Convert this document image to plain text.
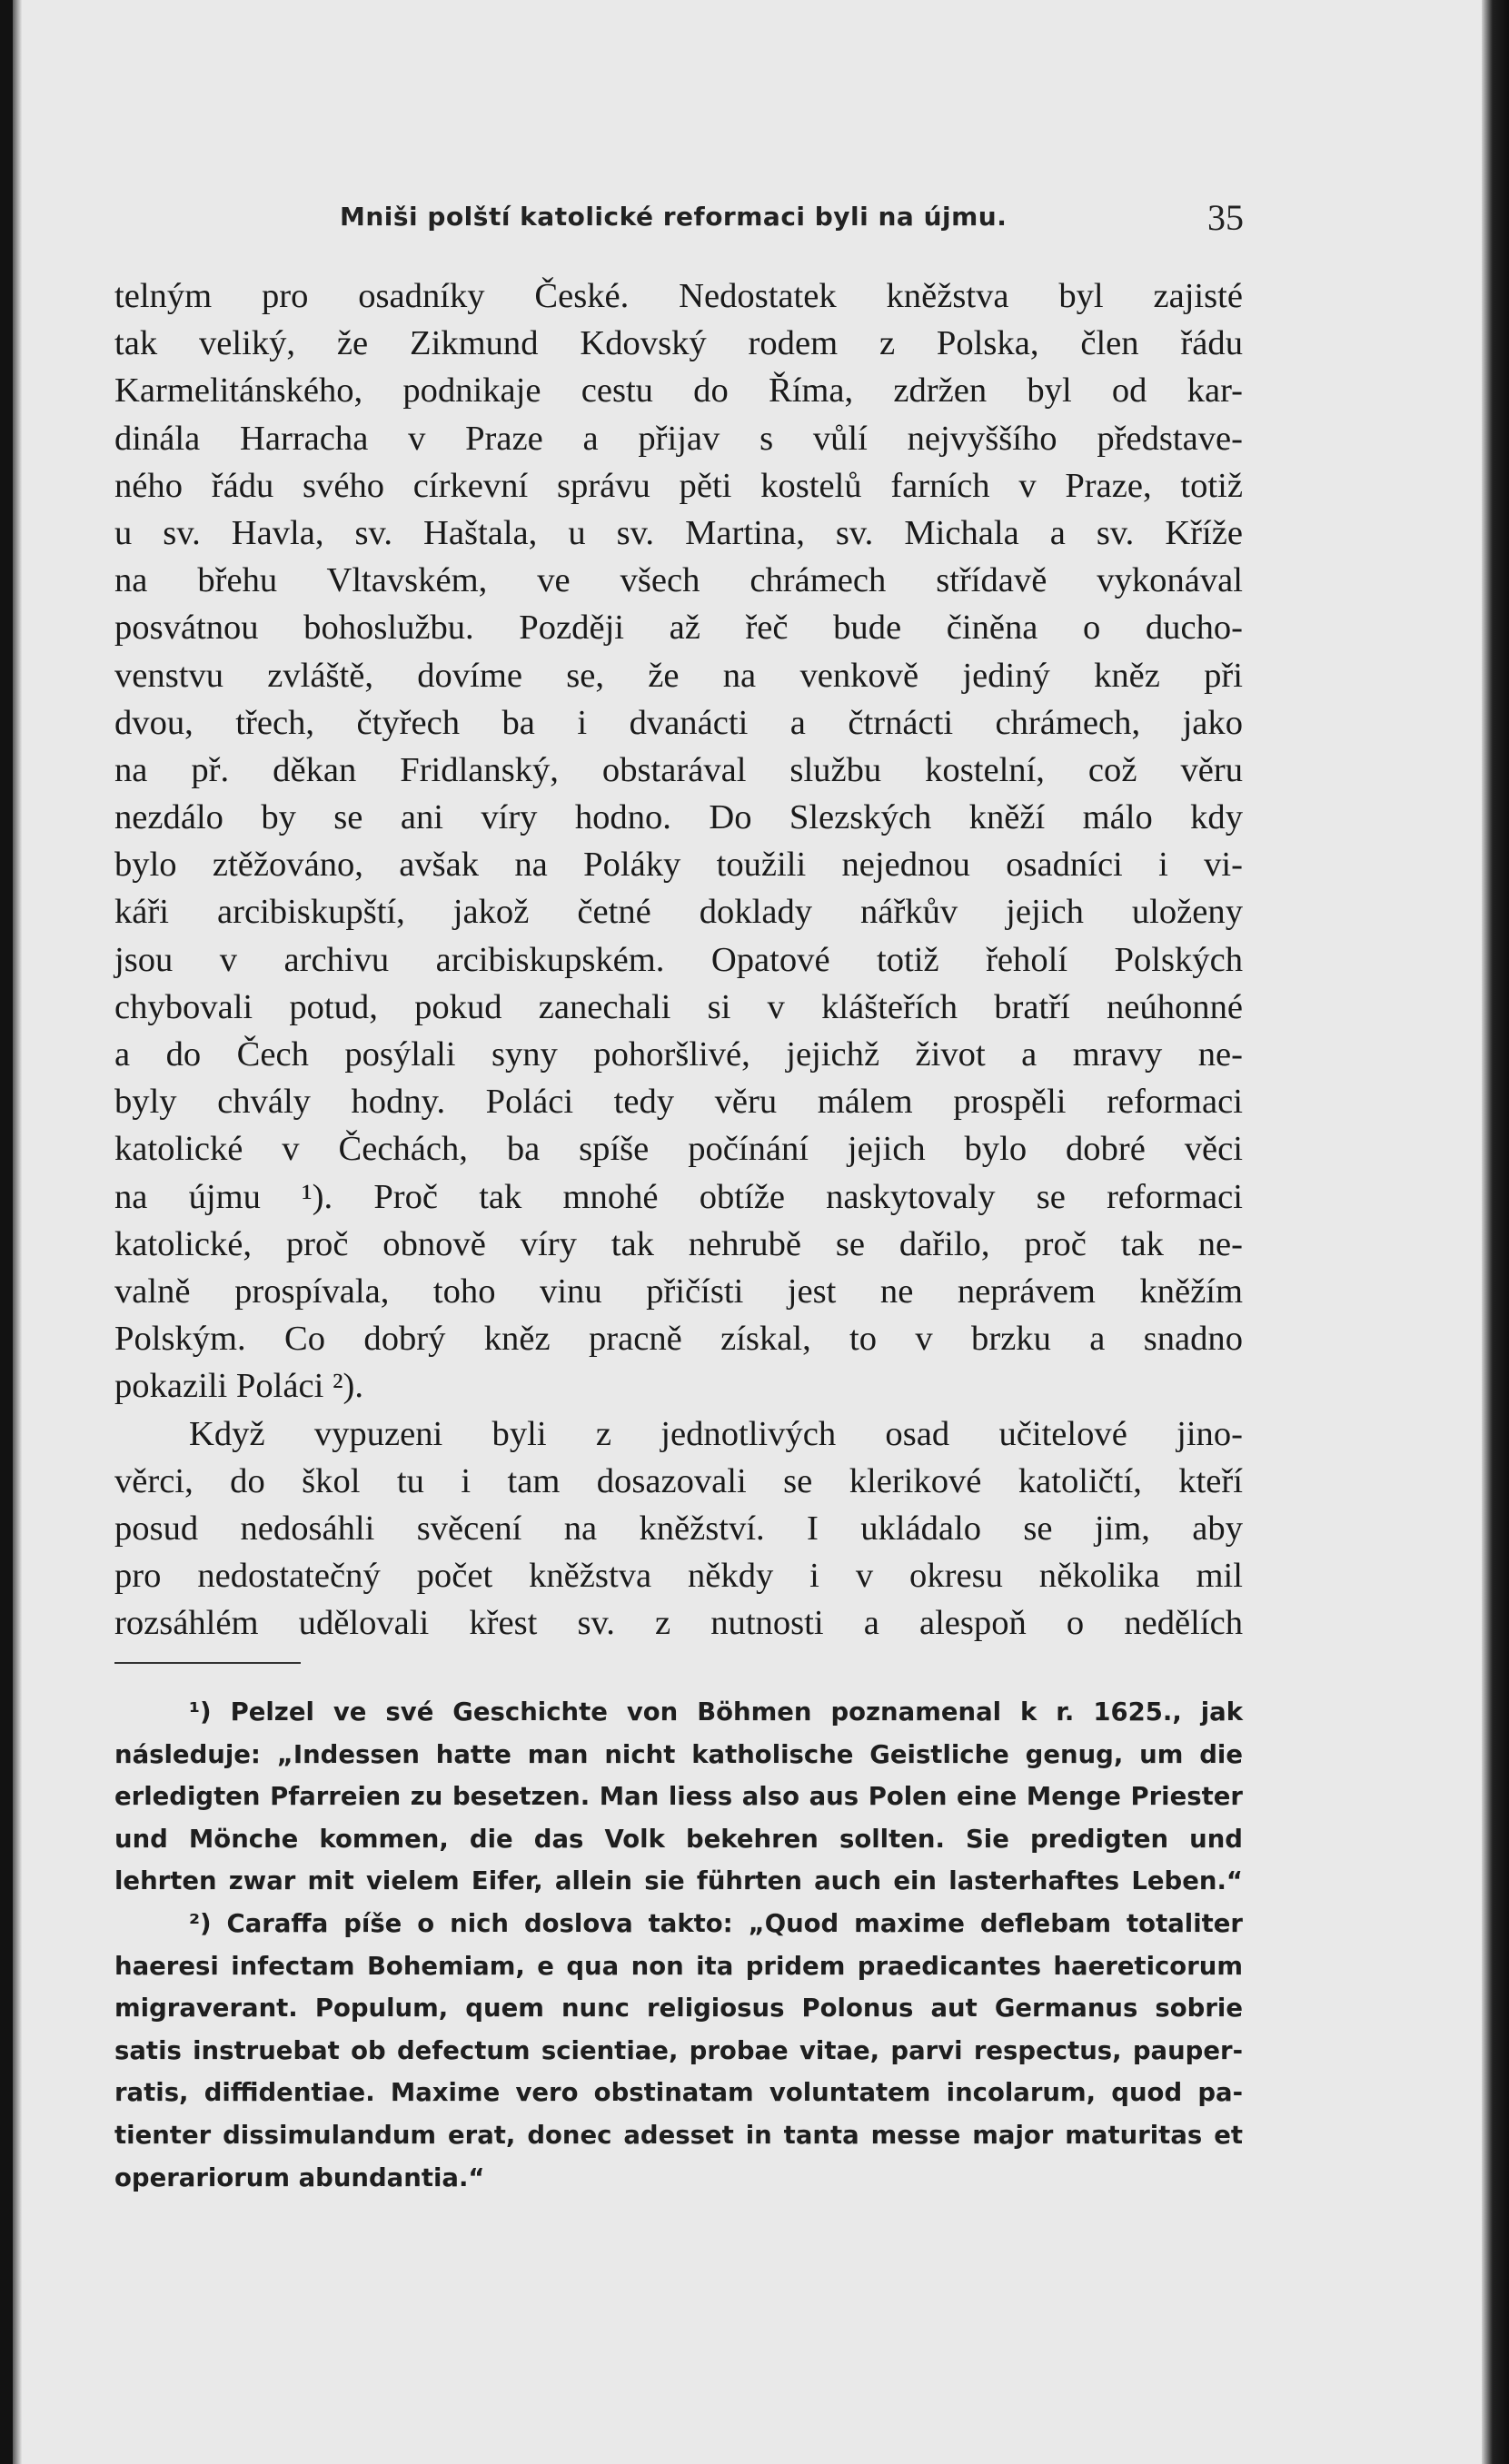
Mniši polští katolické reformaci byli na újmu.	35
telným pro osadníky České. Nedostatek kněžstva byl zajisté
tak veliký, že Zikmund Kdovský rodem z Polska, člen řádu
Karmelitánského, podnikaje cestu do Říma, zdržen byl od kar-
dinála Harracha v Praze a přijav s vůlí nejvyššího představe-
ného řádu svého církevní správu pěti kostelů farních v Praze, totiž
u sv. Havla, sv. Haštala, u sv. Martina, sv. Michala a sv. Kříže
na břehu Vltavském, ve všech chrámech střídavě vykonával
posvátnou bohoslužbu. Později až řeč bude činěna o ducho-
venstvu zvláště, dovíme se, že na venkově jediný kněz při
dvou, třech, čtyřech ba i dvanácti a čtrnácti chrámech, jako
na př. děkan Fridlanský, obstarával službu kostelní, což věru
nezdálo by se ani víry hodno. Do Slezských kněží málo kdy
bylo ztěžováno, avšak na Poláky toužili nejednou osadníci i vi-
káři arcibiskupští, jakož četné doklady nářkův jejich uloženy
jsou v archivu arcibiskupském. Opatové totiž řeholí Polských
chybovali potud, pokud zanechali si v klášteřích bratří neúhonné
a do Čech posýlali syny pohoršlivé, jejichž život a mravy ne-
byly chvály hodny. Poláci tedy věru málem prospěli reformaci
katolické v Čechách, ba spíše počínání jejich bylo dobré věci
na újmu ¹). Proč tak mnohé obtíže naskytovaly se reformaci
katolické, proč obnově víry tak nehrubě se dařilo, proč tak ne-
valně prospívala, toho vinu přičísti jest ne neprávem kněžím
Polským. Co dobrý kněz pracně získal, to v brzku a snadno
pokazili Poláci ²).
Když vypuzeni byli z jednotlivých osad učitelové jino-
věrci, do škol tu i tam dosazovali se klerikové katoličtí, kteří
posud nedosáhli svěcení na kněžství. I ukládalo se jim, aby
pro nedostatečný počet kněžstva někdy i v okresu několika mil
rozsáhlém udělovali křest sv. z nutnosti a alespoň o nedělích
¹) Pelzel ve své Geschichte von Böhmen poznamenal k r. 1625., jak
následuje: „Indessen hatte man nicht katholische Geistliche genug, um die
erledigten Pfarreien zu besetzen. Man liess also aus Polen eine Menge Priester
und Mönche kommen, die das Volk bekehren sollten. Sie predigten und
lehrten zwar mit vielem Eifer, allein sie führten auch ein lasterhaftes Leben.“
²) Caraffa píše o nich doslova takto: „Quod maxime deflebam totaliter
haeresi infectam Bohemiam, e qua non ita pridem praedicantes haereticorum
migraverant. Populum, quem nunc religiosus Polonus aut Germanus sobrie
satis instruebat ob defectum scientiae, probae vitae, parvi respectus, pauper-
ratis, diffidentiae. Maxime vero obstinatam voluntatem incolarum, quod pa-
tienter dissimulandum erat, donec adesset in tanta messe major maturitas et
operariorum abundantia.“
